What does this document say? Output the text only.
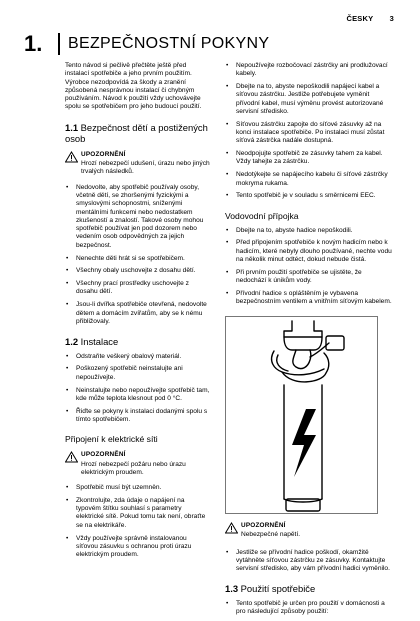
ČESKY 3
1. BEZPEČNOSTNÍ POKYNY

Tento návod si pečlivě přečtěte ještě před instalací spotřebiče a jeho prvním použitím. Výrobce nezodpovídá za škody a zranění způsobená nesprávnou instalací či chybným používáním. Návod k použití vždy uchovávejte spolu se spotřebičem pro jeho budoucí použití.

1.1 Bezpečnost dětí a postižených osob
UPOZORNĚNÍ
Hrozí nebezpečí udušení, úrazu nebo jiných trvalých následků.
• Nedovolte, aby spotřebič používaly osoby, včetně dětí, se zhoršenými fyzickými a smyslovými schopnostmi, sníženými mentálními funkcemi nebo nedostatkem zkušeností a znalostí. Takové osoby mohou spotřebič používat jen pod dozorem nebo vedením osob odpovědných za jejich bezpečnost.
• Nenechte děti hrát si se spotřebičem.
• Všechny obaly uschovejte z dosahu dětí.
• Všechny prací prostředky uschovejte z dosahu dětí.
• Jsou-li dvířka spotřebiče otevřená, nedovolte dětem a domácím zvířatům, aby se k nému přibližovaly.
1.2 Instalace
• Odstraňte veškerý obalový materiál.
• Poškozený spotřebič neinstalujte ani nepoužívejte.
• Neinstalujte nebo nepoužívejte spotřebič tam, kde může teplota klesnout pod 0 °C.
• Řiďte se pokyny k instalaci dodanými spolu s tímto spotřebičem.
Připojení k elektrické síti
UPOZORNĚNÍ
Hrozí nebezpečí požáru nebo úrazu elektrickým proudem.
• Spotřebič musí být uzemněn.
• Zkontrolujte, zda údaje o napájení na typovém štítku souhlasí s parametry elektrické sítě. Pokud tomu tak není, obraťte se na elektrikáře.
• Vždy používejte správně instalovanou síťovou zásuvku s ochranou proti úrazu elektrickým proudem.
• Nepoužívejte rozbočovací zástrčky ani prodlužovací kabely.
• Dbejte na to, abyste nepoškodili napájecí kabel a síťovou zástrčku. Jestliže potřebujete vyměnit přívodní kabel, musí výměnu provést autorizované servisní středisko.
• Síťovou zástrčku zapojte do síťové zásuvky až na konci instalace spotřebiče. Po instalaci musí zůstat síťová zástrčka nadále dostupná.
• Neodpojujte spotřebič ze zásuvky tahem za kabel. Vždy tahejte za zástrčku.
• Nedotýkejte se napájecího kabelu či síťové zástrčky mokryma rukama.
• Tento spotřebič je v souladu s směrnicemi EEC.
Vodovodní přípojka
• Dbejte na to, abyste hadice nepoškodili.
• Před připojením spotřebiče k novým hadicím nebo k hadicím, které nebyly dlouho používané, nechte vodu na několik minut odtéct, dokud nebude čistá.
• Při prvním použití spotřebiče se ujistěte, že nedochází k únikům vody.
• Přívodní hadice s opláštěním je vybavena bezpečnostním ventilem a vnitřním síťovým kabelem.
UPOZORNĚNÍ
Nebezpečné napětí.
• Jestliže se přívodní hadice poškodí, okamžitě vytáhněte síťovou zástrčku ze zásuvky. Kontaktujte servisní středisko, aby vám přívodní hadici vyměnilo.
1.3 Použití spotřebiče
• Tento spotřebič je určen pro použití v domácnosti a pro následující způsoby použití:
